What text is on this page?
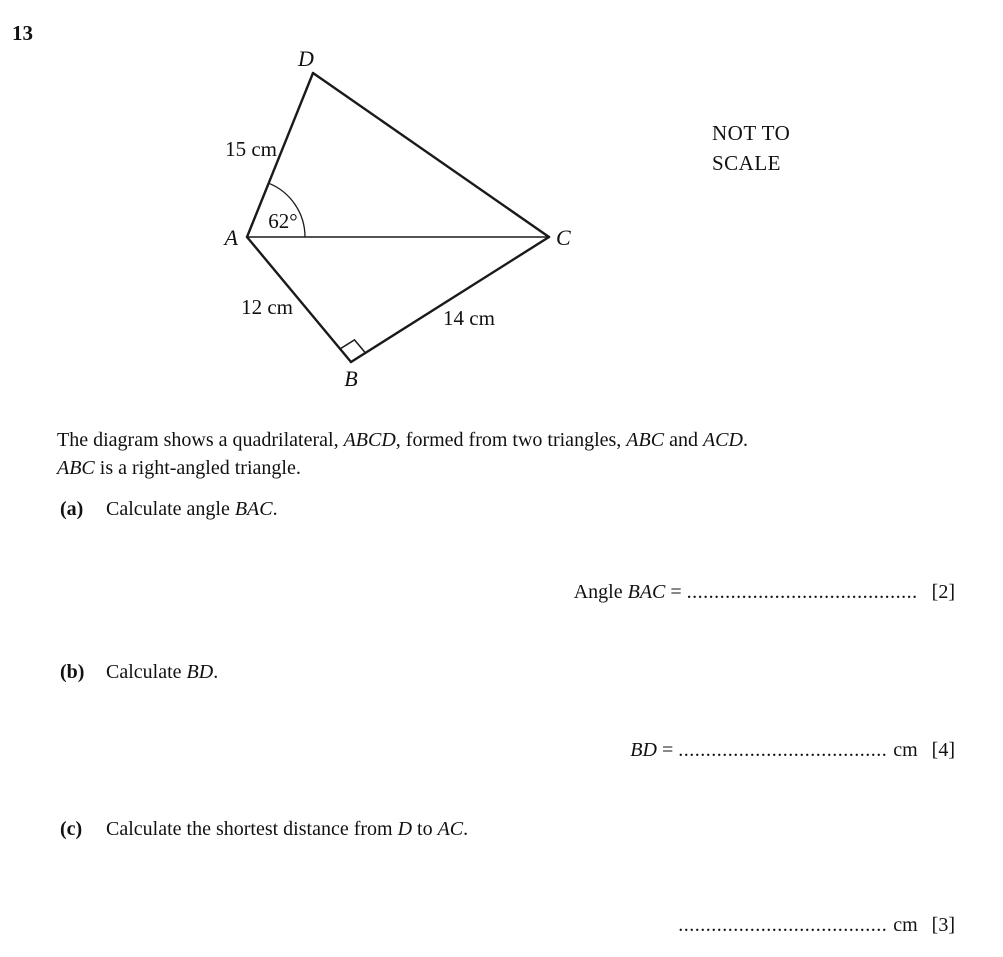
13
D
A	C
B
15 cm
62°
12 cm	14 cm
NOT TO
SCALE
The diagram shows a quadrilateral, ABCD, formed from two triangles, ABC and ACD.
ABC is a right-angled triangle.
(a)	Calculate angle BAC.
Angle BAC = .......................................... [2]
(b)	Calculate BD.
BD = ...................................... cm [4]
(c)	Calculate the shortest distance from D to AC.
...................................... cm [3]
